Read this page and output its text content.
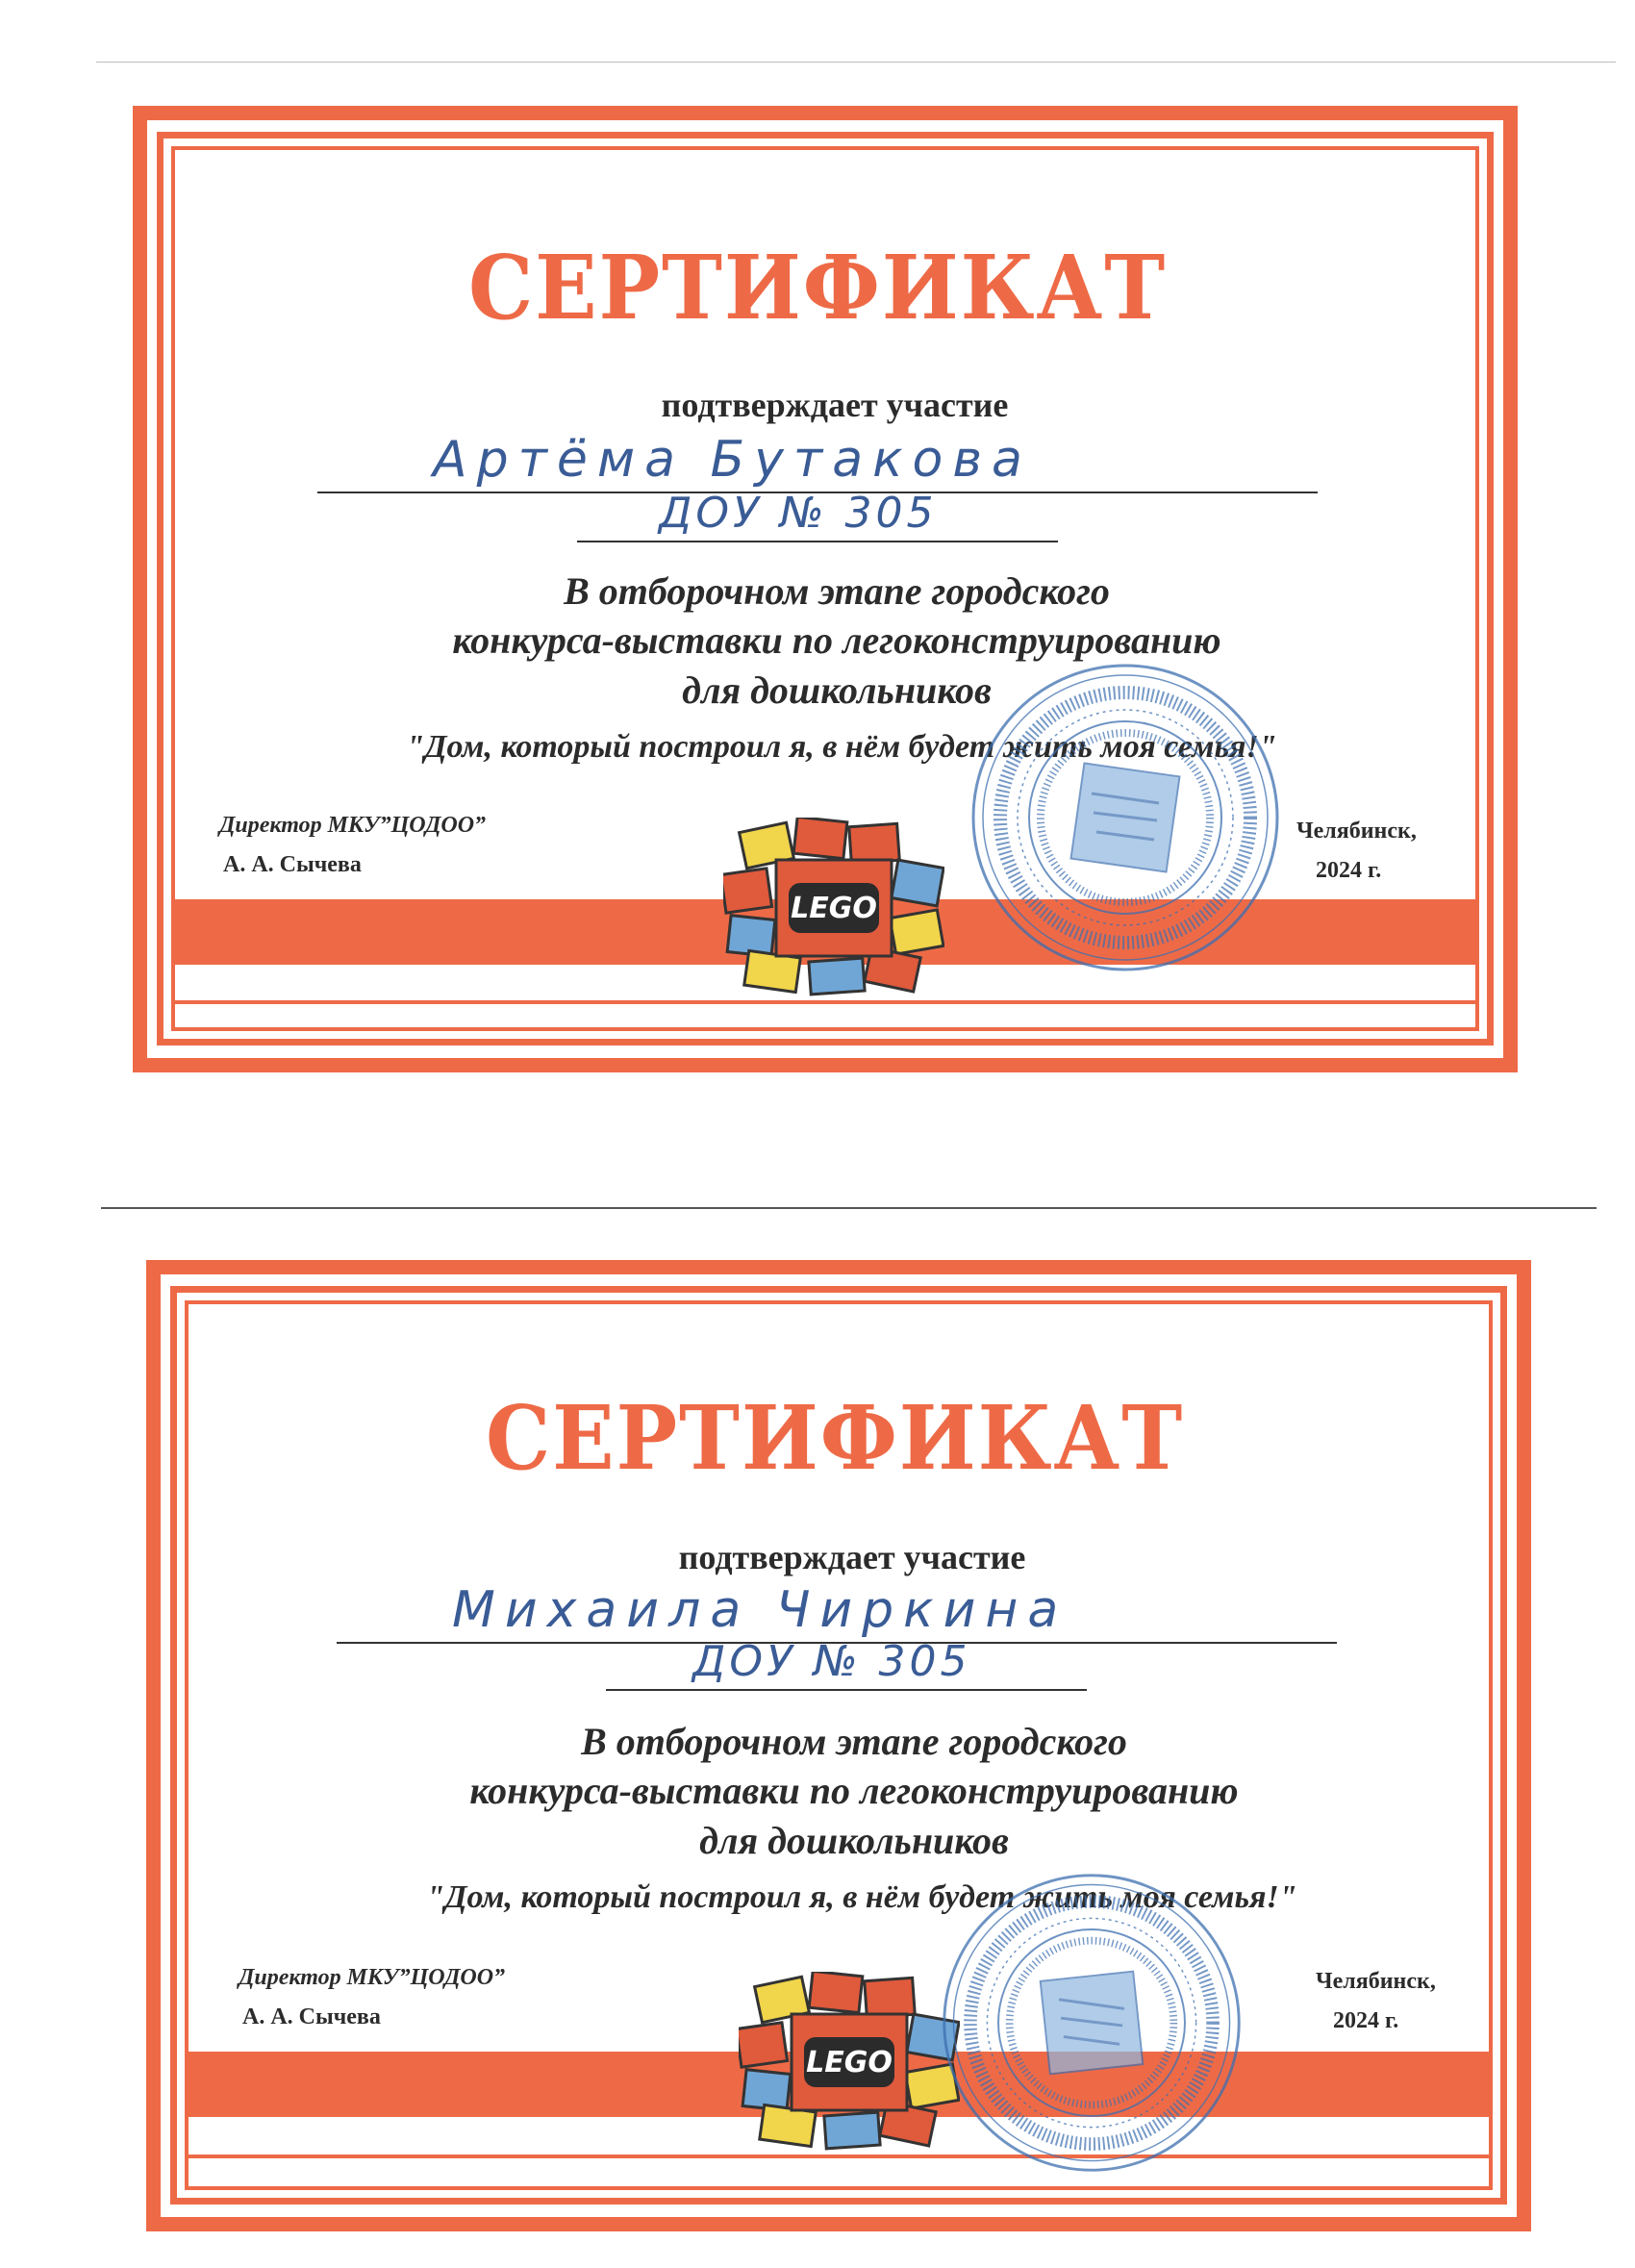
СЕРТИФИКАТ
подтверждает участие
Артёма Бутакова
ДОУ № 305
В отборочном этапе городского
конкурса-выставки по легоконструированию
для дошкольников
"Дом, который построил я, в нём будет жить моя семья!"
Директор МКУ”ЦОДОО”
А. А. Сычева
Челябинск,
2024 г.
LEGO
СЕРТИФИКАТ
подтверждает участие
Михаила Чиркина
ДОУ № 305
В отборочном этапе городского
конкурса-выставки по легоконструированию
для дошкольников
"Дом, который построил я, в нём будет жить моя семья!"
Директор МКУ”ЦОДОО”
А. А. Сычева
Челябинск,
2024 г.
LEGO
